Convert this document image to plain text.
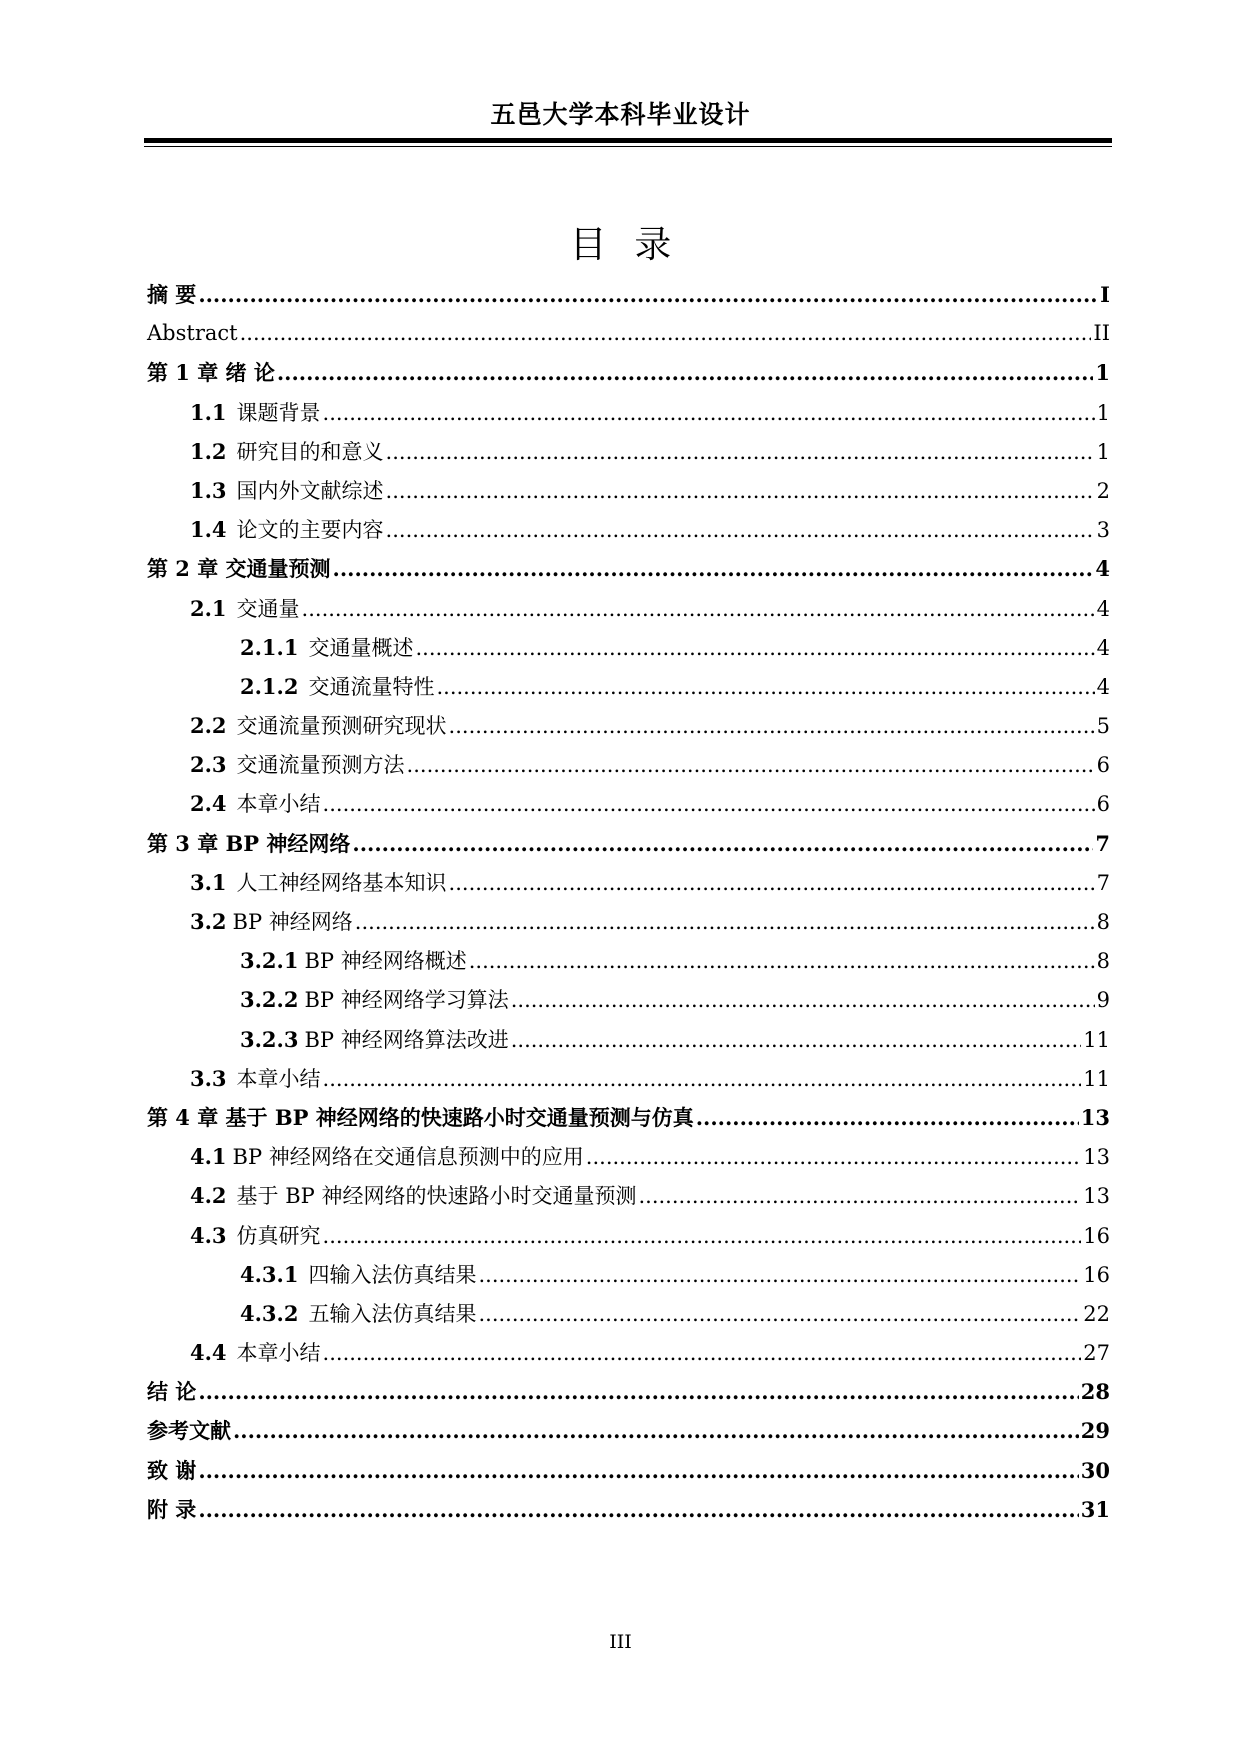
五邑大学本科毕业设计
目 录
摘 要 .....	I
Abstract .....	II
第 1 章 绪 论 .....	1
1.1 课题背景 .....	1
1.2 研究目的和意义 .....	1
1.3 国内外文献综述 .....	2
1.4 论文的主要内容 .....	3
第 2 章 交通量预测 .....	4
2.1 交通量 .....	4
2.1.1 交通量概述 .....	4
2.1.2 交通流量特性 .....	4
2.2 交通流量预测研究现状 .....	5
2.3 交通流量预测方法 .....	6
2.4 本章小结 .....	6
第 3 章 BP 神经网络 .....	7
3.1 人工神经网络基本知识 .....	7
3.2 BP 神经网络 .....	8
3.2.1 BP 神经网络概述 .....	8
3.2.2 BP 神经网络学习算法 .....	9
3.2.3 BP 神经网络算法改进 .....	11
3.3 本章小结 .....	11
第 4 章 基于 BP 神经网络的快速路小时交通量预测与仿真 .....	13
4.1 BP 神经网络在交通信息预测中的应用 .....	13
4.2 基于 BP 神经网络的快速路小时交通量预测 .....	13
4.3 仿真研究 .....	16
4.3.1 四输入法仿真结果 .....	16
4.3.2 五输入法仿真结果 .....	22
4.4 本章小结 .....	27
结 论 .....	28
参考文献 .....	29
致 谢 .....	30
附 录 .....	31
III
